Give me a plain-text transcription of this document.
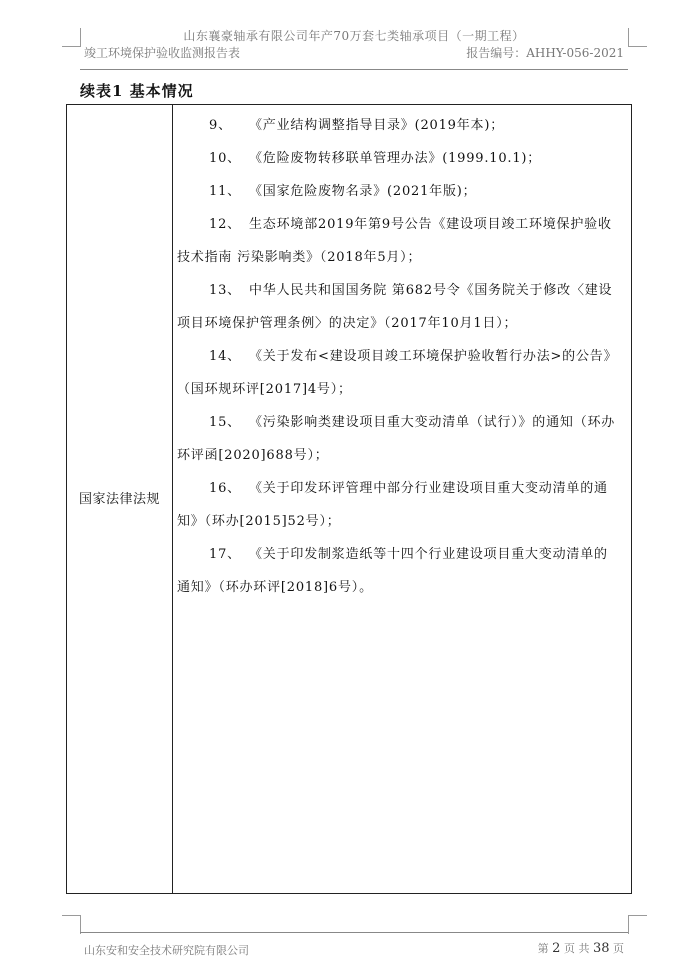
山东襄豪轴承有限公司年产70万套七类轴承项目（一期工程）
竣工环境保护验收监测报告表	报告编号：AHHY-056-2021
续表1 基本情况
国家法律法规

9、 《产业结构调整指导目录》(2019年本)；

10、 《危险废物转移联单管理办法》(1999.10.1)；

11、 《国家危险废物名录》(2021年版)；

12、 生态环境部2019年第9号公告《建设项目竣工环境保护验收技术指南 污染影响类》（2018年5月）；

13、 中华人民共和国国务院 第682号令《国务院关于修改〈建设项目环境保护管理条例〉的决定》（2017年10月1日）；

14、 《关于发布<建设项目竣工环境保护验收暂行办法>的公告》（国环规环评[2017]4号）；

15、 《污染影响类建设项目重大变动清单（试行）》的通知（环办环评函[2020]688号）；

16、 《关于印发环评管理中部分行业建设项目重大变动清单的通知》（环办[2015]52号）；

17、 《关于印发制浆造纸等十四个行业建设项目重大变动清单的通知》（环办环评[2018]6号）。

山东安和安全技术研究院有限公司	第 2 页 共 38 页
